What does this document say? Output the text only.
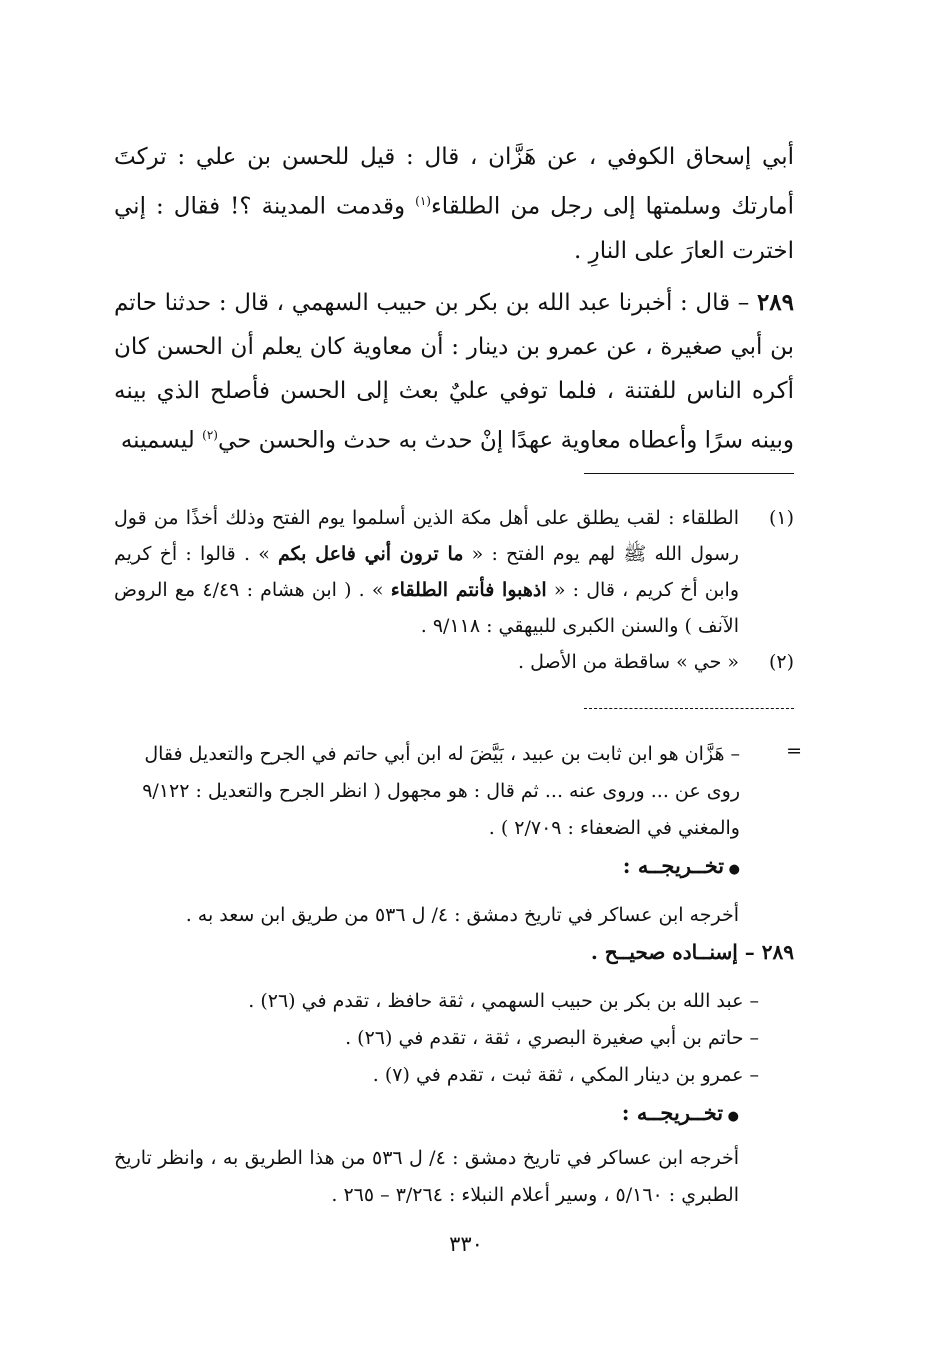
أبي إسحاق الكوفي ، عن هَزَّان ، قال : قيل للحسن بن علي : تركتَ أمارتك وسلمتها إلى رجل من الطلقاء$^{(١)}$ وقدمت المدينة ؟! فقال : إني اخترت العارَ على النارِ .

٢٨٩ – قال : أخبرنا عبد الله بن بكر بن حبيب السهمي ، قال : حدثنا حاتم بن أبي صغيرة ، عن عمرو بن دينار : أن معاوية كان يعلم أن الحسن كان أكره الناس للفتنة ، فلما توفي عليٌ بعث إلى الحسن فأصلح الذي بينه وبينه سرًا وأعطاه معاوية عهدًا إنْ حدث به حدث والحسن حي$^{(٢)}$ ليسمينه

(١)
الطلقاء : لقب يطلق على أهل مكة الذين أسلموا يوم الفتح وذلك أخذًا من قول رسول الله ﷺ لهم يوم الفتح : « ما ترون أني فاعل بكم » . قالوا : أخ كريم وابن أخ كريم ، قال : « اذهبوا فأنتم الطلقاء » . ( ابن هشام : ٤/٤٩ مع الروض الآنف ) والسنن الكبرى للبيهقي : ٩/١١٨ .
(٢)
« حي » ساقطة من الأصل .
=
– هَزَّان هو ابن ثابت بن عبيد ، بَيَّضَ له ابن أبي حاتم في الجرح والتعديل فقال روى عن ... وروى عنه ... ثم قال : هو مجهول ( انظر الجرح والتعديل : ٩/١٢٢ والمغني في الضعفاء : ٢/٧٠٩ ) .
● تخــريجــه :
أخرجه ابن عساكر في تاريخ دمشق : ٤/ ل ٥٣٦ من طريق ابن سعد به .
٢٨٩ – إسنــاده صحيــح .
– عبد الله بن بكر بن حبيب السهمي ، ثقة حافظ ، تقدم في (٢٦) .
– حاتم بن أبي صغيرة البصري ، ثقة ، تقدم في (٢٦) .
– عمرو بن دينار المكي ، ثقة ثبت ، تقدم في (٧) .
● تخــريجــه :
أخرجه ابن عساكر في تاريخ دمشق : ٤/ ل ٥٣٦ من هذا الطريق به ، وانظر تاريخ الطبري : ٥/١٦٠ ، وسير أعلام النبلاء : ٣/٢٦٤ – ٢٦٥ .
٣٣٠
